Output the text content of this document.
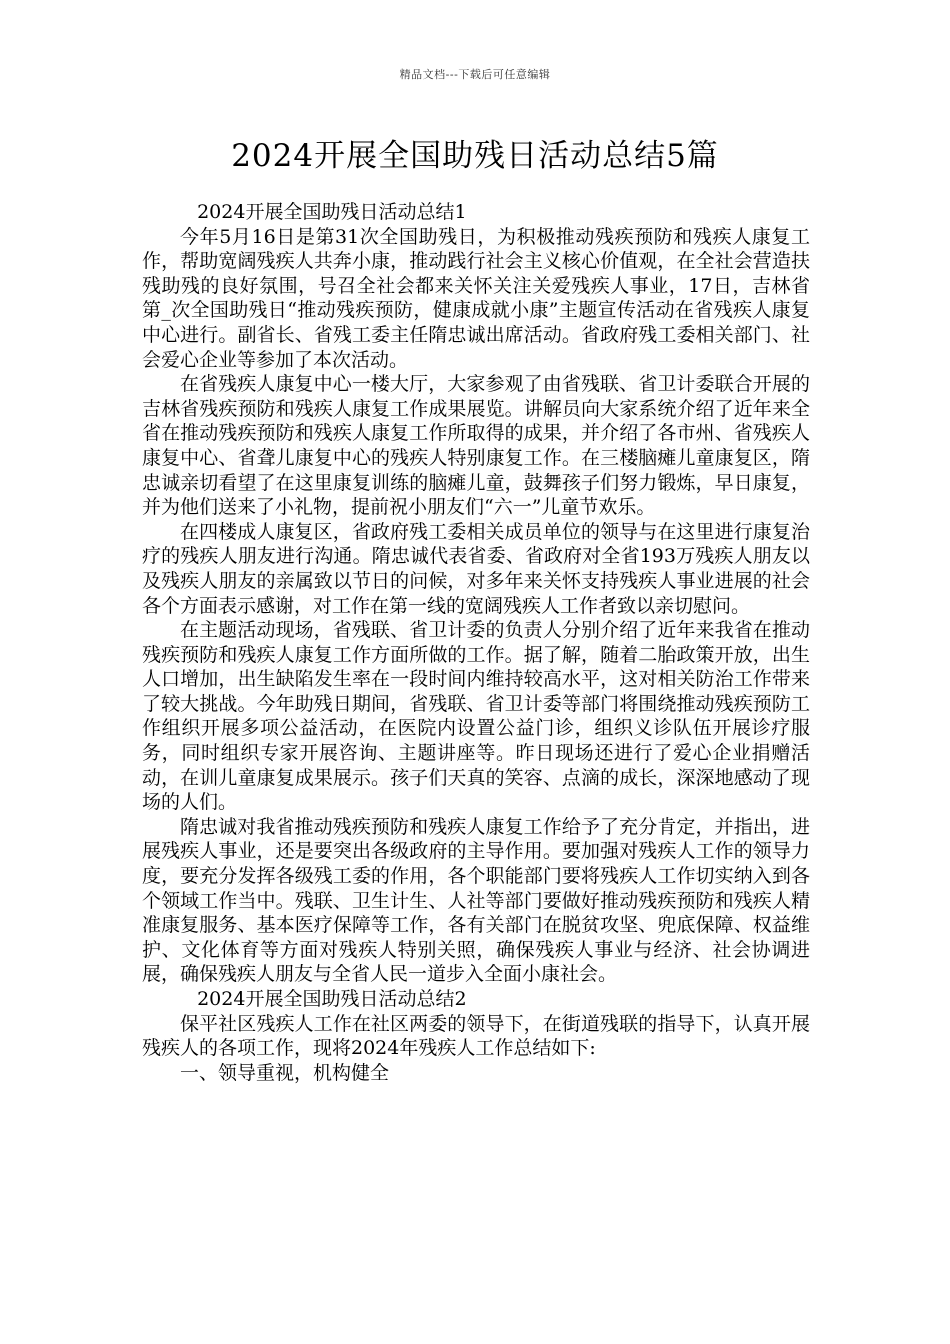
精品文档---下载后可任意编辑
2024开展全国助残日活动总结5篇

2024开展全国助残日活动总结1

今年5月16日是第31次全国助残日，为积极推动残疾预防和残疾人康复工作，帮助宽阔残疾人共奔小康，推动践行社会主义核心价值观，在全社会营造扶残助残的良好氛围，号召全社会都来关怀关注关爱残疾人事业，17日，吉林省第_次全国助残日“推动残疾预防，健康成就小康”主题宣传活动在省残疾人康复中心进行。副省长、省残工委主任隋忠诚出席活动。省政府残工委相关部门、社会爱心企业等参加了本次活动。

在省残疾人康复中心一楼大厅，大家参观了由省残联、省卫计委联合开展的吉林省残疾预防和残疾人康复工作成果展览。讲解员向大家系统介绍了近年来全省在推动残疾预防和残疾人康复工作所取得的成果，并介绍了各市州、省残疾人康复中心、省聋儿康复中心的残疾人特别康复工作。在三楼脑瘫儿童康复区，隋忠诚亲切看望了在这里康复训练的脑瘫儿童，鼓舞孩子们努力锻炼，早日康复，并为他们送来了小礼物，提前祝小朋友们“六一”儿童节欢乐。

在四楼成人康复区，省政府残工委相关成员单位的领导与在这里进行康复治疗的残疾人朋友进行沟通。隋忠诚代表省委、省政府对全省193万残疾人朋友以及残疾人朋友的亲属致以节日的问候，对多年来关怀支持残疾人事业进展的社会各个方面表示感谢，对工作在第一线的宽阔残疾人工作者致以亲切慰问。

在主题活动现场，省残联、省卫计委的负责人分别介绍了近年来我省在推动残疾预防和残疾人康复工作方面所做的工作。据了解，随着二胎政策开放，出生人口增加，出生缺陷发生率在一段时间内维持较高水平，这对相关防治工作带来了较大挑战。今年助残日期间，省残联、省卫计委等部门将围绕推动残疾预防工作组织开展多项公益活动，在医院内设置公益门诊，组织义诊队伍开展诊疗服务，同时组织专家开展咨询、主题讲座等。昨日现场还进行了爱心企业捐赠活动，在训儿童康复成果展示。孩子们天真的笑容、点滴的成长，深深地感动了现场的人们。

隋忠诚对我省推动残疾预防和残疾人康复工作给予了充分肯定，并指出，进展残疾人事业，还是要突出各级政府的主导作用。要加强对残疾人工作的领导力度，要充分发挥各级残工委的作用，各个职能部门要将残疾人工作切实纳入到各个领域工作当中。残联、卫生计生、人社等部门要做好推动残疾预防和残疾人精准康复服务、基本医疗保障等工作，各有关部门在脱贫攻坚、兜底保障、权益维护、文化体育等方面对残疾人特别关照，确保残疾人事业与经济、社会协调进展，确保残疾人朋友与全省人民一道步入全面小康社会。

2024开展全国助残日活动总结2

保平社区残疾人工作在社区两委的领导下，在街道残联的指导下，认真开展残疾人的各项工作，现将2024年残疾人工作总结如下:

一、领导重视，机构健全
